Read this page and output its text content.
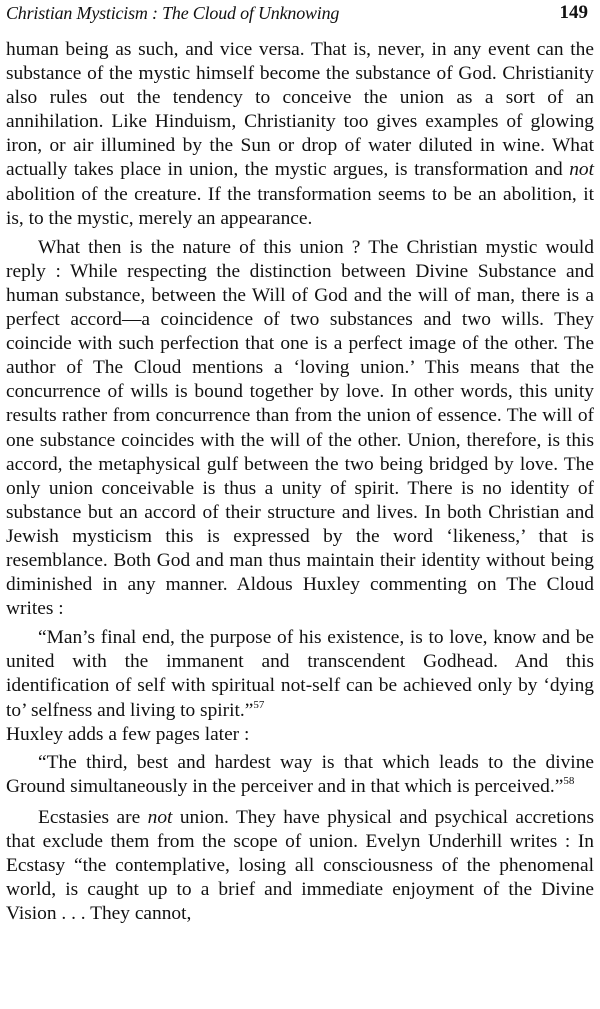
Christian Mysticism : The Cloud of Unknowing	149

human being as such, and vice versa. That is, never, in any event can the substance of the mystic himself become the substance of God. Christianity also rules out the tendency to conceive the union as a sort of an annihilation. Like Hinduism, Christianity too gives examples of glowing iron, or air illumined by the Sun or drop of water diluted in wine. What actually takes place in union, the mystic argues, is transformation and not abolition of the creature. If the transformation seems to be an abolition, it is, to the mystic, merely an appearance.

What then is the nature of this union ? The Christian mystic would reply : While respecting the distinction between Divine Substance and human substance, between the Will of God and the will of man, there is a perfect accord—a coincidence of two substances and two wills. They coincide with such perfection that one is a perfect image of the other. The author of The Cloud mentions a ‘loving union.’ This means that the concurrence of wills is bound together by love. In other words, this unity results rather from concurrence than from the union of essence. The will of one substance coincides with the will of the other. Union, therefore, is this accord, the metaphysical gulf between the two being bridged by love. The only union conceivable is thus a unity of spirit. There is no identity of substance but an accord of their structure and lives. In both Christian and Jewish mysticism this is expressed by the word ‘likeness,’ that is resemblance. Both God and man thus maintain their identity without being diminished in any manner. Aldous Huxley commenting on The Cloud writes :

“Man’s final end, the purpose of his existence, is to love, know and be united with the immanent and transcendent Godhead. And this identification of self with spiritual not-self can be achieved only by ‘dying to’ selfness and living to spirit.”$^{57}$
Huxley adds a few pages later :

“The third, best and hardest way is that which leads to the divine Ground simultaneously in the perceiver and in that which is perceived.”$^{58}$

Ecstasies are not union. They have physical and psychical accretions that exclude them from the scope of union. Evelyn Underhill writes : In Ecstasy “the contemplative, losing all consciousness of the phenomenal world, is caught up to a brief and immediate enjoyment of the Divine Vision . . . They cannot,
